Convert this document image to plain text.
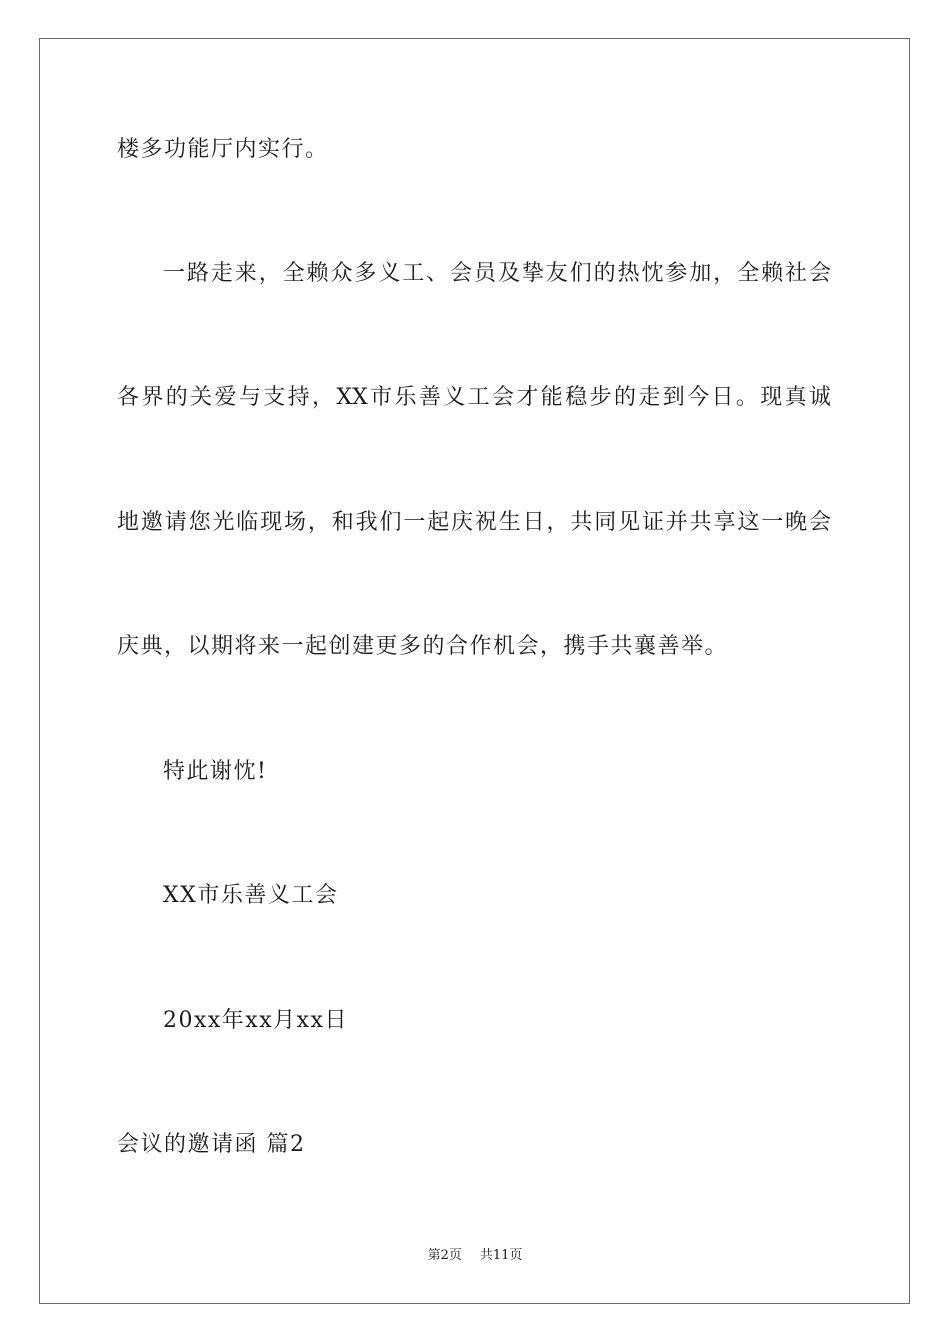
楼多功能厅内实行。
一路走来，全赖众多义工、会员及挚友们的热忱参加，全赖社会
各界的关爱与支持，XX市乐善义工会才能稳步的走到今日。现真诚
地邀请您光临现场，和我们一起庆祝生日，共同见证并共享这一晚会
庆典，以期将来一起创建更多的合作机会，携手共襄善举。
特此谢忱!
XX市乐善义工会
20xx年xx月xx日
会议的邀请函 篇2
第2页 共11页
